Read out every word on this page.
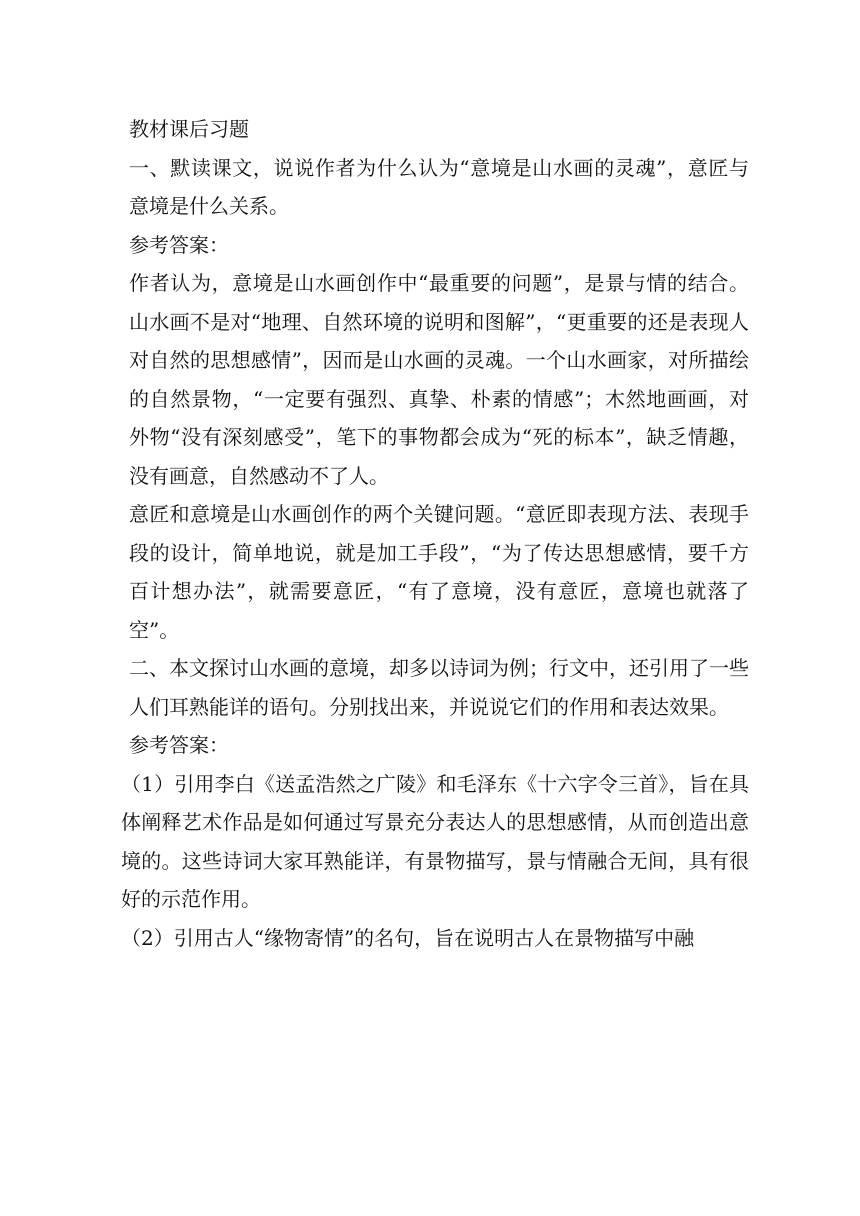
教材课后习题

一、默读课文，说说作者为什么认为“意境是山水画的灵魂”，意匠与意境是什么关系。

参考答案：

作者认为，意境是山水画创作中“最重要的问题”，是景与情的结合。山水画不是对“地理、自然环境的说明和图解”，“更重要的还是表现人对自然的思想感情”，因而是山水画的灵魂。一个山水画家，对所描绘的自然景物，“一定要有强烈、真挚、朴素的情感”；木然地画画，对外物“没有深刻感受”，笔下的事物都会成为“死的标本”，缺乏情趣，没有画意，自然感动不了人。

意匠和意境是山水画创作的两个关键问题。“意匠即表现方法、表现手段的设计，简单地说，就是加工手段”，“为了传达思想感情，要千方百计想办法”，就需要意匠，“有了意境，没有意匠，意境也就落了空”。

二、本文探讨山水画的意境，却多以诗词为例；行文中，还引用了一些人们耳熟能详的语句。分别找出来，并说说它们的作用和表达效果。

参考答案：

（1）引用李白《送孟浩然之广陵》和毛泽东《十六字令三首》，旨在具体阐释艺术作品是如何通过写景充分表达人的思想感情，从而创造出意境的。这些诗词大家耳熟能详，有景物描写，景与情融合无间，具有很好的示范作用。

（2）引用古人“缘物寄情”的名句，旨在说明古人在景物描写中融
